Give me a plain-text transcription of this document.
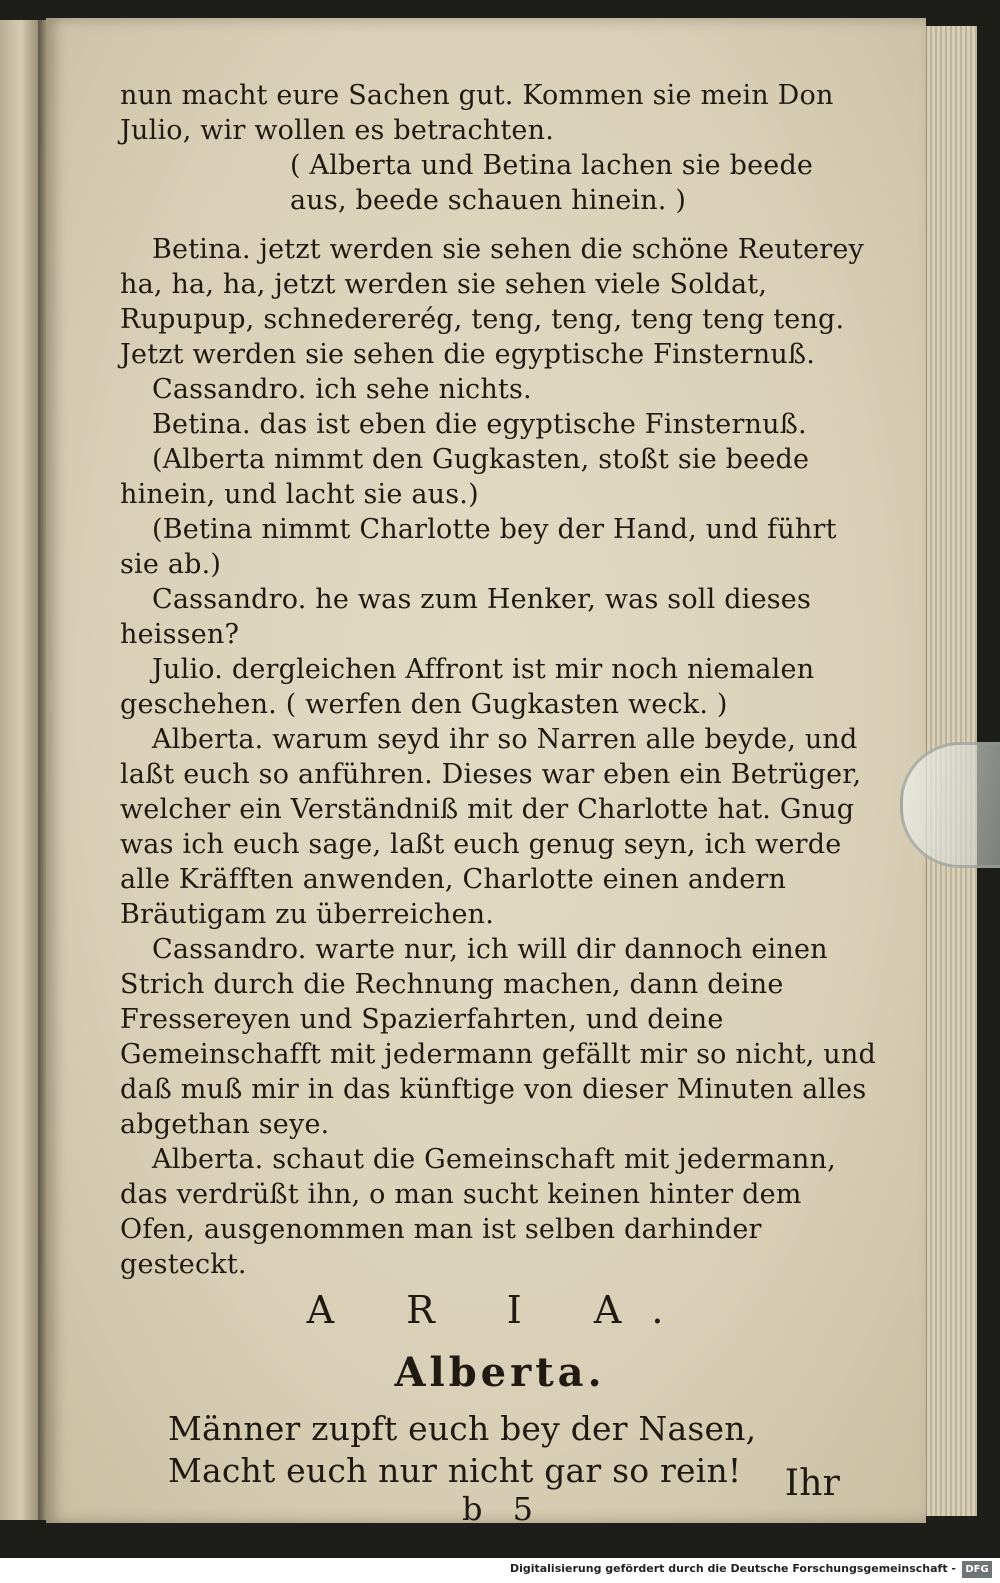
nun macht eure Sachen gut. Kommen sie mein Don Julio, wir wollen es betrachten.

( Alberta und Betina lachen sie beede aus, beede schauen hinein. )

Betina. jetzt werden sie sehen die schöne Reuterey ha, ha, ha, jetzt werden sie sehen viele Soldat, Rupupup, schnedererég, teng, teng, teng teng teng. Jetzt werden sie sehen die egyptische Finsternuß.

Cassandro. ich sehe nichts.

Betina. das ist eben die egyptische Finsternuß.

(Alberta nimmt den Gugkasten, stoßt sie beede hinein, und lacht sie aus.)

(Betina nimmt Charlotte bey der Hand, und führt sie ab.)

Cassandro. he was zum Henker, was soll dieses heissen?

Julio. dergleichen Affront ist mir noch niemalen geschehen. ( werfen den Gugkasten weck. )

Alberta. warum seyd ihr so Narren alle beyde, und laßt euch so anführen. Dieses war eben ein Betrüger, welcher ein Verständniß mit der Charlotte hat. Gnug was ich euch sage, laßt euch genug seyn, ich werde alle Kräfften anwenden, Charlotte einen andern Bräutigam zu überreichen.

Cassandro. warte nur, ich will dir dannoch einen Strich durch die Rechnung machen, dann deine Fressereyen und Spazierfahrten, und deine Gemeinschafft mit jedermann gefällt mir so nicht, und daß muß mir in das künftige von dieser Minuten alles abgethan seye.

Alberta. schaut die Gemeinschaft mit jedermann, das verdrüßt ihn, o man sucht keinen hinter dem Ofen, ausgenommen man ist selben darhinder gesteckt.

A R I A.

Alberta.

Männer zupft euch bey der Nasen,

Macht euch nur nicht gar so rein!

b 5
Ihr
Digitalisierung gefördert durch die Deutsche Forschungsgemeinschaft - DFG
